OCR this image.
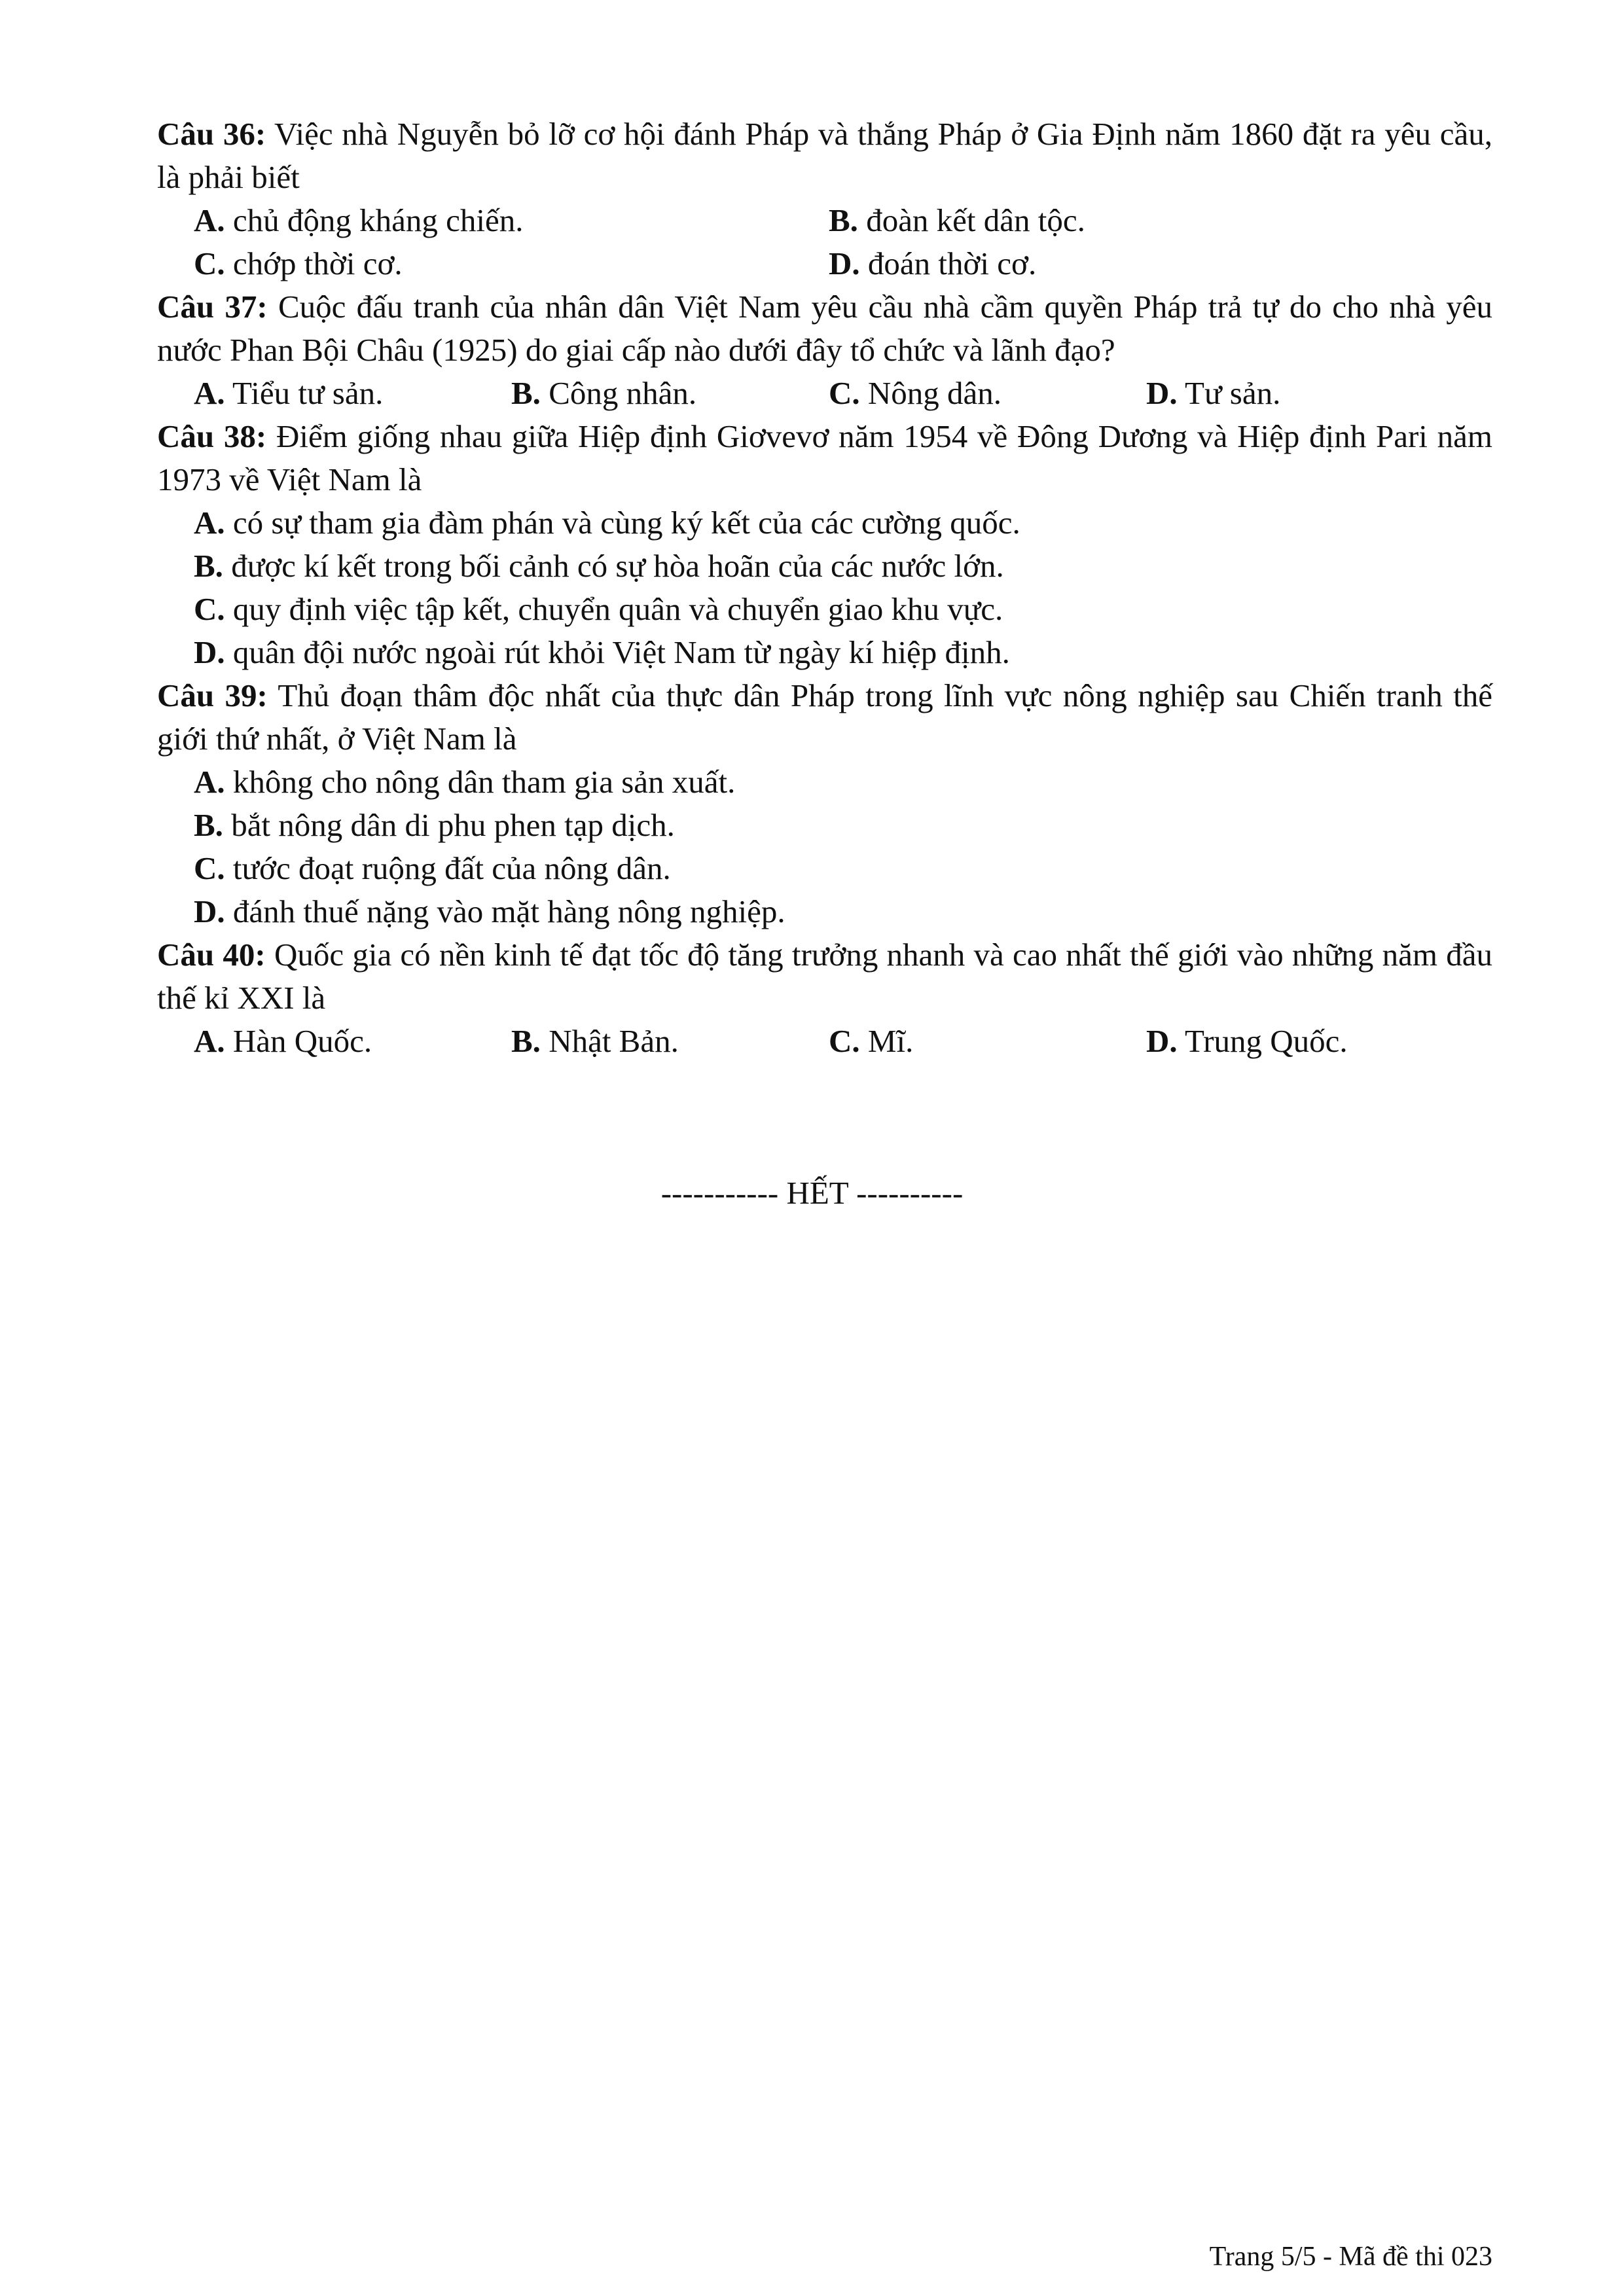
Câu 36: Việc nhà Nguyễn bỏ lỡ cơ hội đánh Pháp và thắng Pháp ở Gia Định năm 1860 đặt ra yêu cầu, là phải biết

A. chủ động kháng chiến.	B. đoàn kết dân tộc.
C. chớp thời cơ.	D. đoán thời cơ.

Câu 37: Cuộc đấu tranh của nhân dân Việt Nam yêu cầu nhà cầm quyền Pháp trả tự do cho nhà yêu nước Phan Bội Châu (1925) do giai cấp nào dưới đây tổ chức và lãnh đạo?

A. Tiểu tư sản.	B. Công nhân.	C. Nông dân.	D. Tư sản.

Câu 38: Điểm giống nhau giữa Hiệp định Giơvevơ năm 1954 về Đông Dương và Hiệp định Pari năm 1973 về Việt Nam là

A. có sự tham gia đàm phán và cùng ký kết của các cường quốc.
B. được kí kết trong bối cảnh có sự hòa hoãn của các nước lớn.
C. quy định việc tập kết, chuyển quân và chuyển giao khu vực.
D. quân đội nước ngoài rút khỏi Việt Nam từ ngày kí hiệp định.

Câu 39: Thủ đoạn thâm độc nhất của thực dân Pháp trong lĩnh vực nông nghiệp sau Chiến tranh thế giới thứ nhất, ở Việt Nam là

A. không cho nông dân tham gia sản xuất.
B. bắt nông dân di phu phen tạp dịch.
C. tước đoạt ruộng đất của nông dân.
D. đánh thuế nặng vào mặt hàng nông nghiệp.

Câu 40: Quốc gia có nền kinh tế đạt tốc độ tăng trưởng nhanh và cao nhất thế giới vào những năm đầu thế kỉ XXI là

A. Hàn Quốc.	B. Nhật Bản.	C. Mĩ.	D. Trung Quốc.
----------- HẾT ----------
Trang 5/5 - Mã đề thi 023
